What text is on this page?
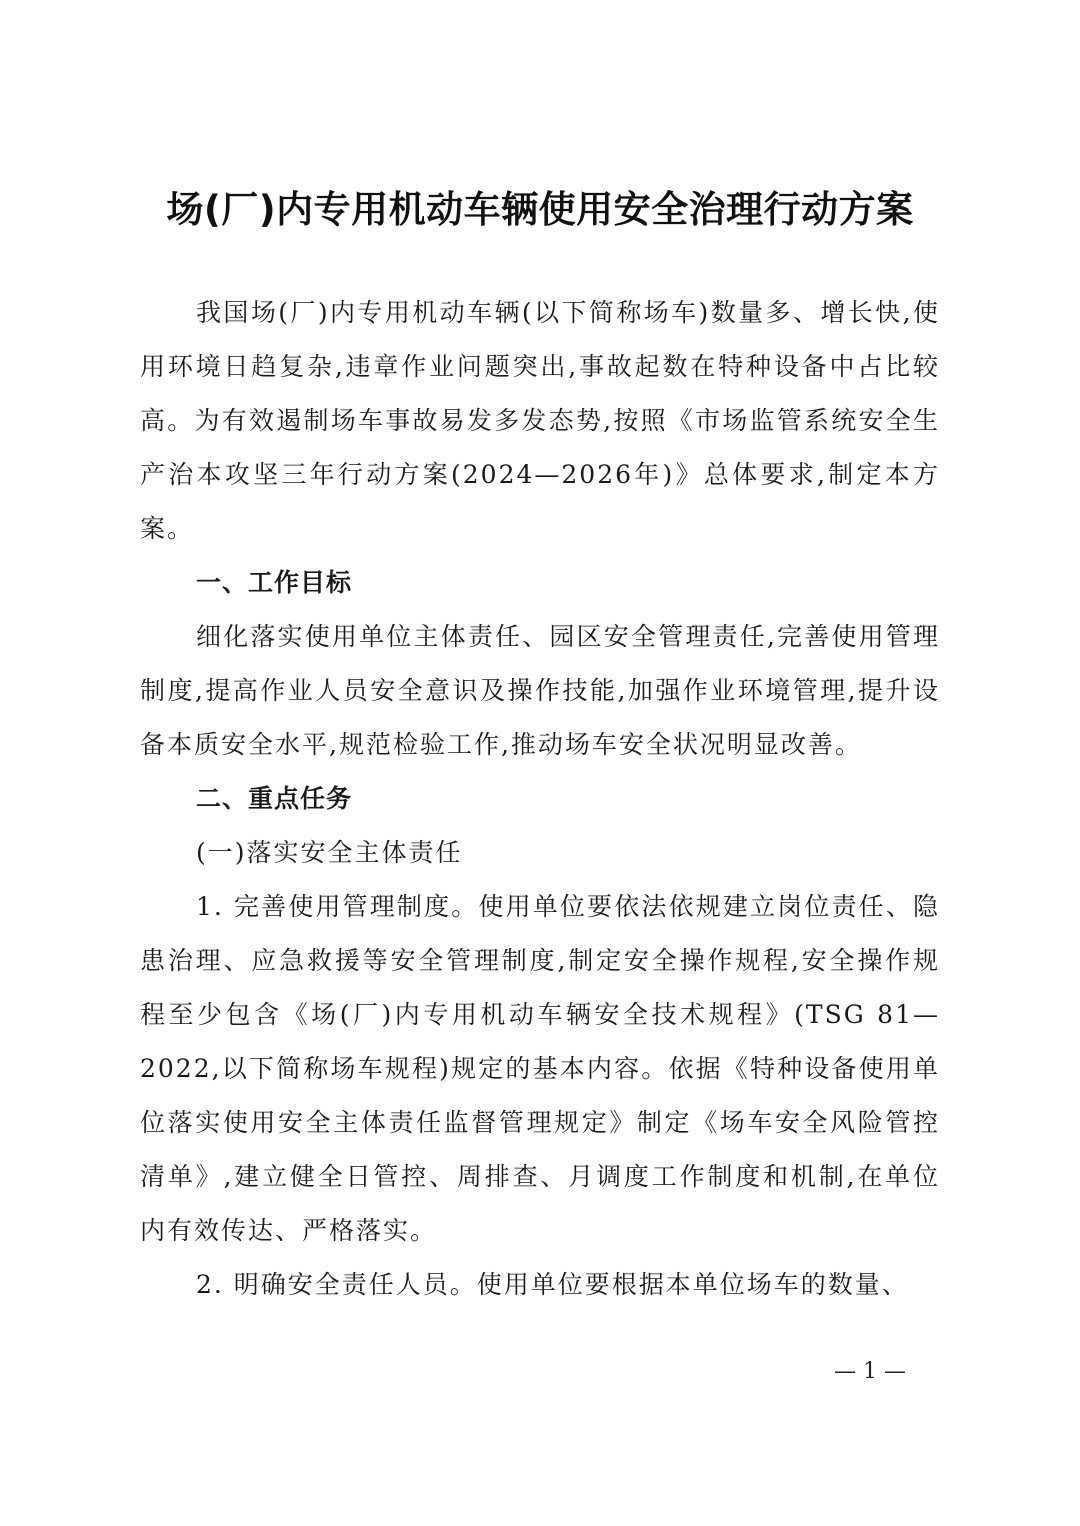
场(厂)内专用机动车辆使用安全治理行动方案

我国场(厂)内专用机动车辆(以下简称场车)数量多、增长快,使用环境日趋复杂,违章作业问题突出,事故起数在特种设备中占比较高。为有效遏制场车事故易发多发态势,按照《市场监管系统安全生产治本攻坚三年行动方案(2024—2026年)》总体要求,制定本方案。

一、工作目标

细化落实使用单位主体责任、园区安全管理责任,完善使用管理制度,提高作业人员安全意识及操作技能,加强作业环境管理,提升设备本质安全水平,规范检验工作,推动场车安全状况明显改善。

二、重点任务

(一)落实安全主体责任

1. 完善使用管理制度。使用单位要依法依规建立岗位责任、隐患治理、应急救援等安全管理制度,制定安全操作规程,安全操作规程至少包含《场(厂)内专用机动车辆安全技术规程》(TSG 81—2022,以下简称场车规程)规定的基本内容。依据《特种设备使用单位落实使用安全主体责任监督管理规定》制定《场车安全风险管控清单》,建立健全日管控、周排查、月调度工作制度和机制,在单位内有效传达、严格落实。

2. 明确安全责任人员。使用单位要根据本单位场车的数量、

— 1 —
